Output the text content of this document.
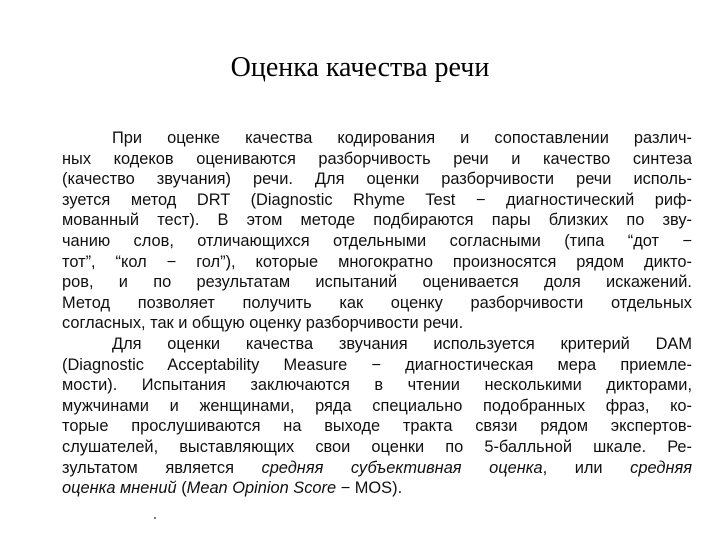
Оценка качества речи
При оценке качества кодирования и сопоставлении различ-
ных кодеков оцениваются разборчивость речи и качество синтеза
(качество звучания) речи. Для оценки разборчивости речи исполь-
зуется метод DRT (Diagnostic Rhyme Test − диагностический риф-
мованный тест). В этом методе подбираются пары близких по зву-
чанию слов, отличающихся отдельными согласными (типа “дот −
тот”, “кол − гол”), которые многократно произносятся рядом дикто-
ров, и по результатам испытаний оценивается доля искажений.
Метод позволяет получить как оценку разборчивости отдельных
согласных, так и общую оценку разборчивости речи.
Для оценки качества звучания используется критерий DAM
(Diagnostic Acceptability Measure − диагностическая мера приемле-
мости). Испытания заключаются в чтении несколькими дикторами,
мужчинами и женщинами, ряда специально подобранных фраз, ко-
торые прослушиваются на выходе тракта связи рядом экспертов-
слушателей, выставляющих свои оценки по 5-балльной шкале. Ре-
зультатом является средняя субъективная оценка, или средняя
оценка мнений (Mean Opinion Score − MOS).
